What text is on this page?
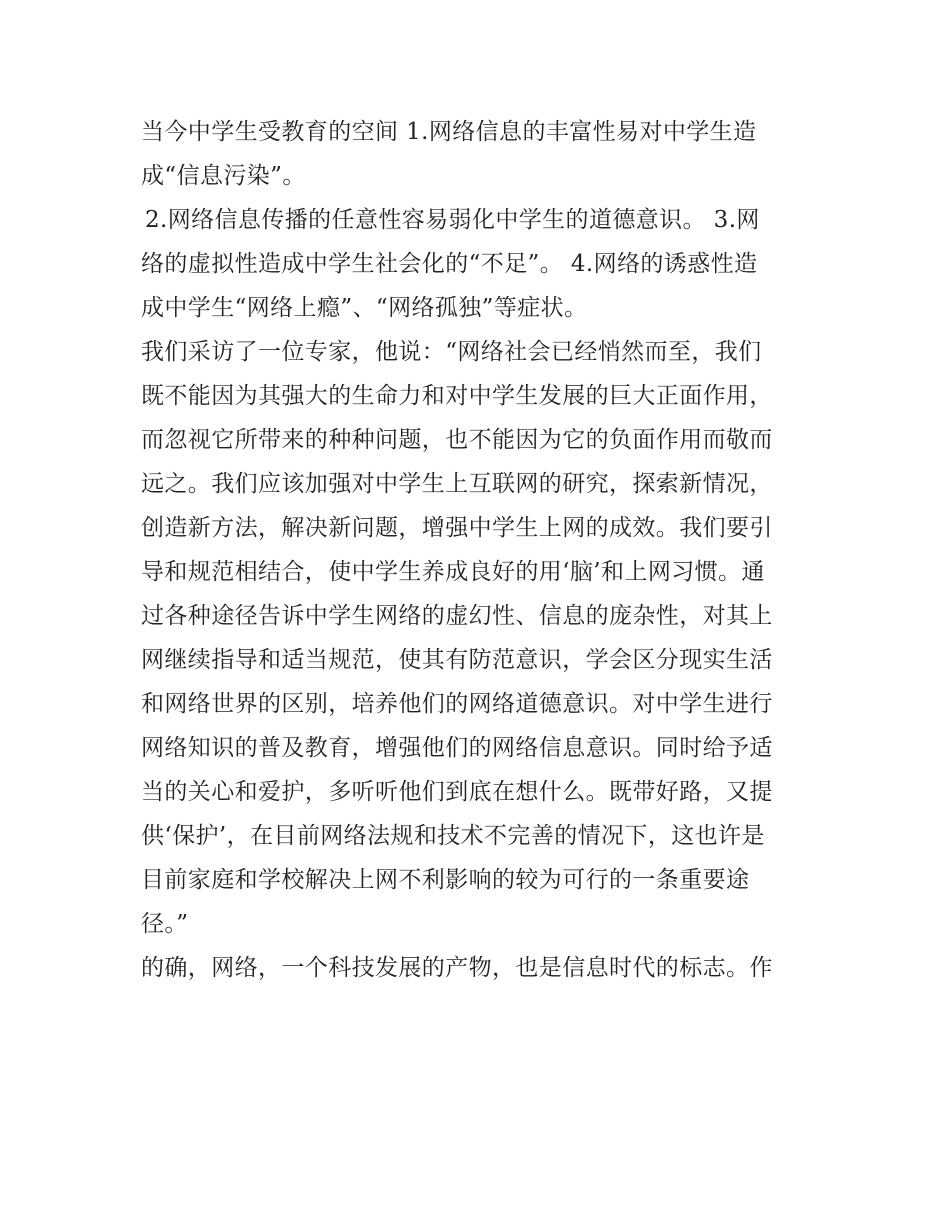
当今中学生受教育的空间 1.网络信息的丰富性易对中学生造
成“信息污染”。
2.网络信息传播的任意性容易弱化中学生的道德意识。 3.网
络的虚拟性造成中学生社会化的“不足”。 4.网络的诱惑性造
成中学生“网络上瘾”、“网络孤独”等症状。
我们采访了一位专家，他说：“网络社会已经悄然而至，我们
既不能因为其强大的生命力和对中学生发展的巨大正面作用，
而忽视它所带来的种种问题，也不能因为它的负面作用而敬而
远之。我们应该加强对中学生上互联网的研究，探索新情况，
创造新方法，解决新问题，增强中学生上网的成效。我们要引
导和规范相结合，使中学生养成良好的用‘脑’和上网习惯。通
过各种途径告诉中学生网络的虚幻性、信息的庞杂性，对其上
网继续指导和适当规范，使其有防范意识，学会区分现实生活
和网络世界的区别，培养他们的网络道德意识。对中学生进行
网络知识的普及教育，增强他们的网络信息意识。同时给予适
当的关心和爱护，多听听他们到底在想什么。既带好路，又提
供‘保护’，在目前网络法规和技术不完善的情况下，这也许是
目前家庭和学校解决上网不利影响的较为可行的一条重要途
径。”
的确，网络，一个科技发展的产物，也是信息时代的标志。作
